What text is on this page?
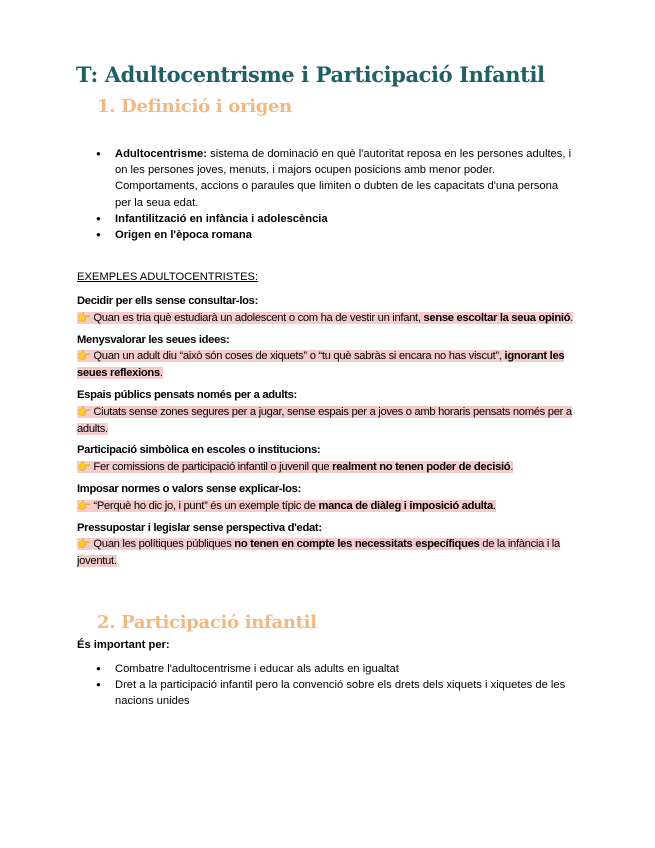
T: Adultocentrisme i Participació Infantil
1. Definició i origen
● Adultocentrisme: sistema de dominació en què l'autoritat reposa en les persones adultes, i on les persones joves, menuts, i majors ocupen posicions amb menor poder. Comportaments, accions o paraules que limiten o dubten de les capacitats d'una persona per la seua edat.
● Infantilització en infància i adolescència
● Origen en l'època romana
EXEMPLES ADULTOCENTRISTES:
Decidir per ells sense consultar-los:
👉 Quan es tria què estudiarà un adolescent o com ha de vestir un infant, sense escoltar la seua opinió.
Menysvalorar les seues idees:
👉 Quan un adult diu “això són coses de xiquets” o “tu què sabràs si encara no has viscut”, ignorant les seues reflexions.
Espais públics pensats només per a adults:
👉 Ciutats sense zones segures per a jugar, sense espais per a joves o amb horaris pensats només per a adults.
Participació simbòlica en escoles o institucions:
👉 Fer comissions de participació infantil o juvenil que realment no tenen poder de decisió.
Imposar normes o valors sense explicar-los:
👉 “Perquè ho dic jo, i punt” és un exemple típic de manca de diàleg i imposició adulta.
Pressupostar i legislar sense perspectiva d'edat:
👉 Quan les polítiques públiques no tenen en compte les necessitats específiques de la infància i la joventut.
2. Participació infantil
És important per:
● Combatre l'adultocentrisme i educar als adults en igualtat
● Dret a la participació infantil pero la convenció sobre els drets dels xiquets i xiquetes de les nacions unides
